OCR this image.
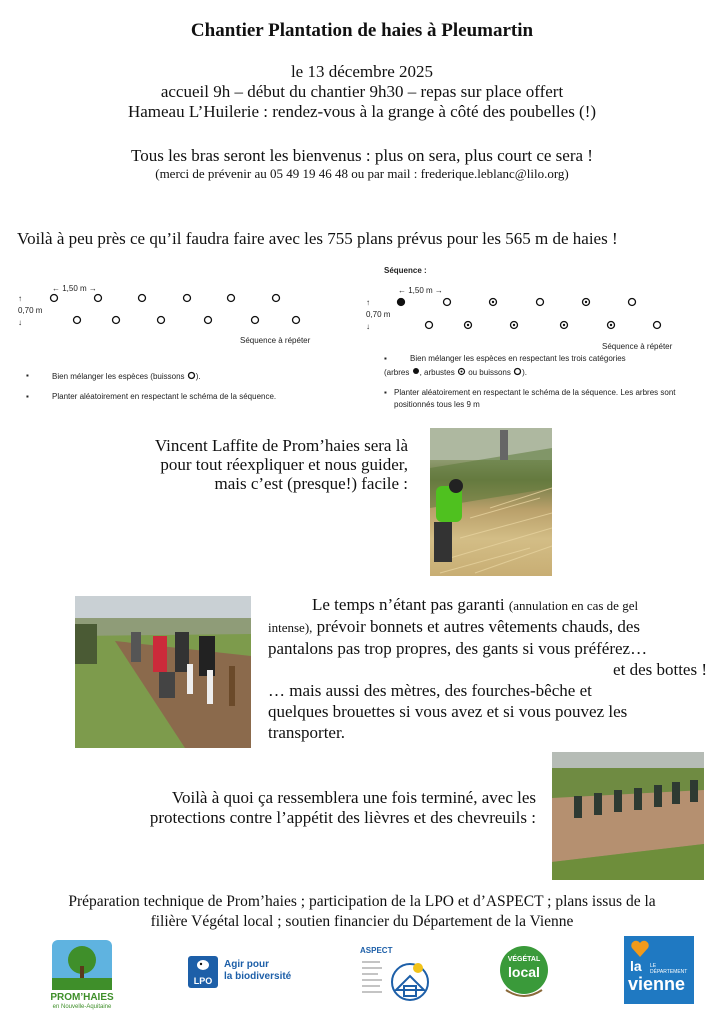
Chantier Plantation de haies à Pleumartin
le 13 décembre 2025
accueil 9h – début du chantier 9h30 – repas sur place offert
Hameau L’Huilerie : rendez-vous à la grange à côté des poubelles (!)
Tous les bras seront les bienvenus : plus on sera, plus court ce sera !
(merci de prévenir au 05 49 19 46 48 ou par mail : frederique.leblanc@lilo.org)
Voilà à peu près ce qu’il faudra faire avec les 755 plans prévus pour les 565 m de haies !
← 1,50 m →
↑
0,70 m
↓
Séquence à répéter
▪	Bien mélanger les espèces (buissons ).
▪	Planter aléatoirement en respectant le schéma de la séquence.
Séquence :
← 1,50 m →
↑
0,70 m
↓
Séquence à répéter
▪	Bien mélanger les espèces en respectant les trois catégories
(arbres , arbustes ou buissons ).
▪ Planter aléatoirement en respectant le schéma de la séquence. Les arbres sont
positionnés tous les 9 m
Vincent Laffite de Prom’haies sera là
pour tout réexpliquer et nous guider,
mais c’est (presque!) facile :
Le temps n’étant pas garanti (annulation en cas de gel
intense), prévoir bonnets et autres vêtements chauds, des
pantalons pas trop propres, des gants si vous préférez…
et des bottes !
… mais aussi des mètres, des fourches-bêche et
quelques brouettes si vous avez et si vous pouvez les
transporter.
Voilà à quoi ça ressemblera une fois terminé, avec les
protections contre l’appétit des lièvres et des chevreuils :
Préparation technique de Prom’haies ; participation de la LPO et d’ASPECT ; plans issus de la
filière Végétal local ; soutien financier du Département de la Vienne
PROM’HAIES
en Nouvelle-Aquitaine
LPO
Agir pour
la biodiversité
ASPECT
VÉGÉTAL
local	la LE DÉPARTEMENT
vienne
